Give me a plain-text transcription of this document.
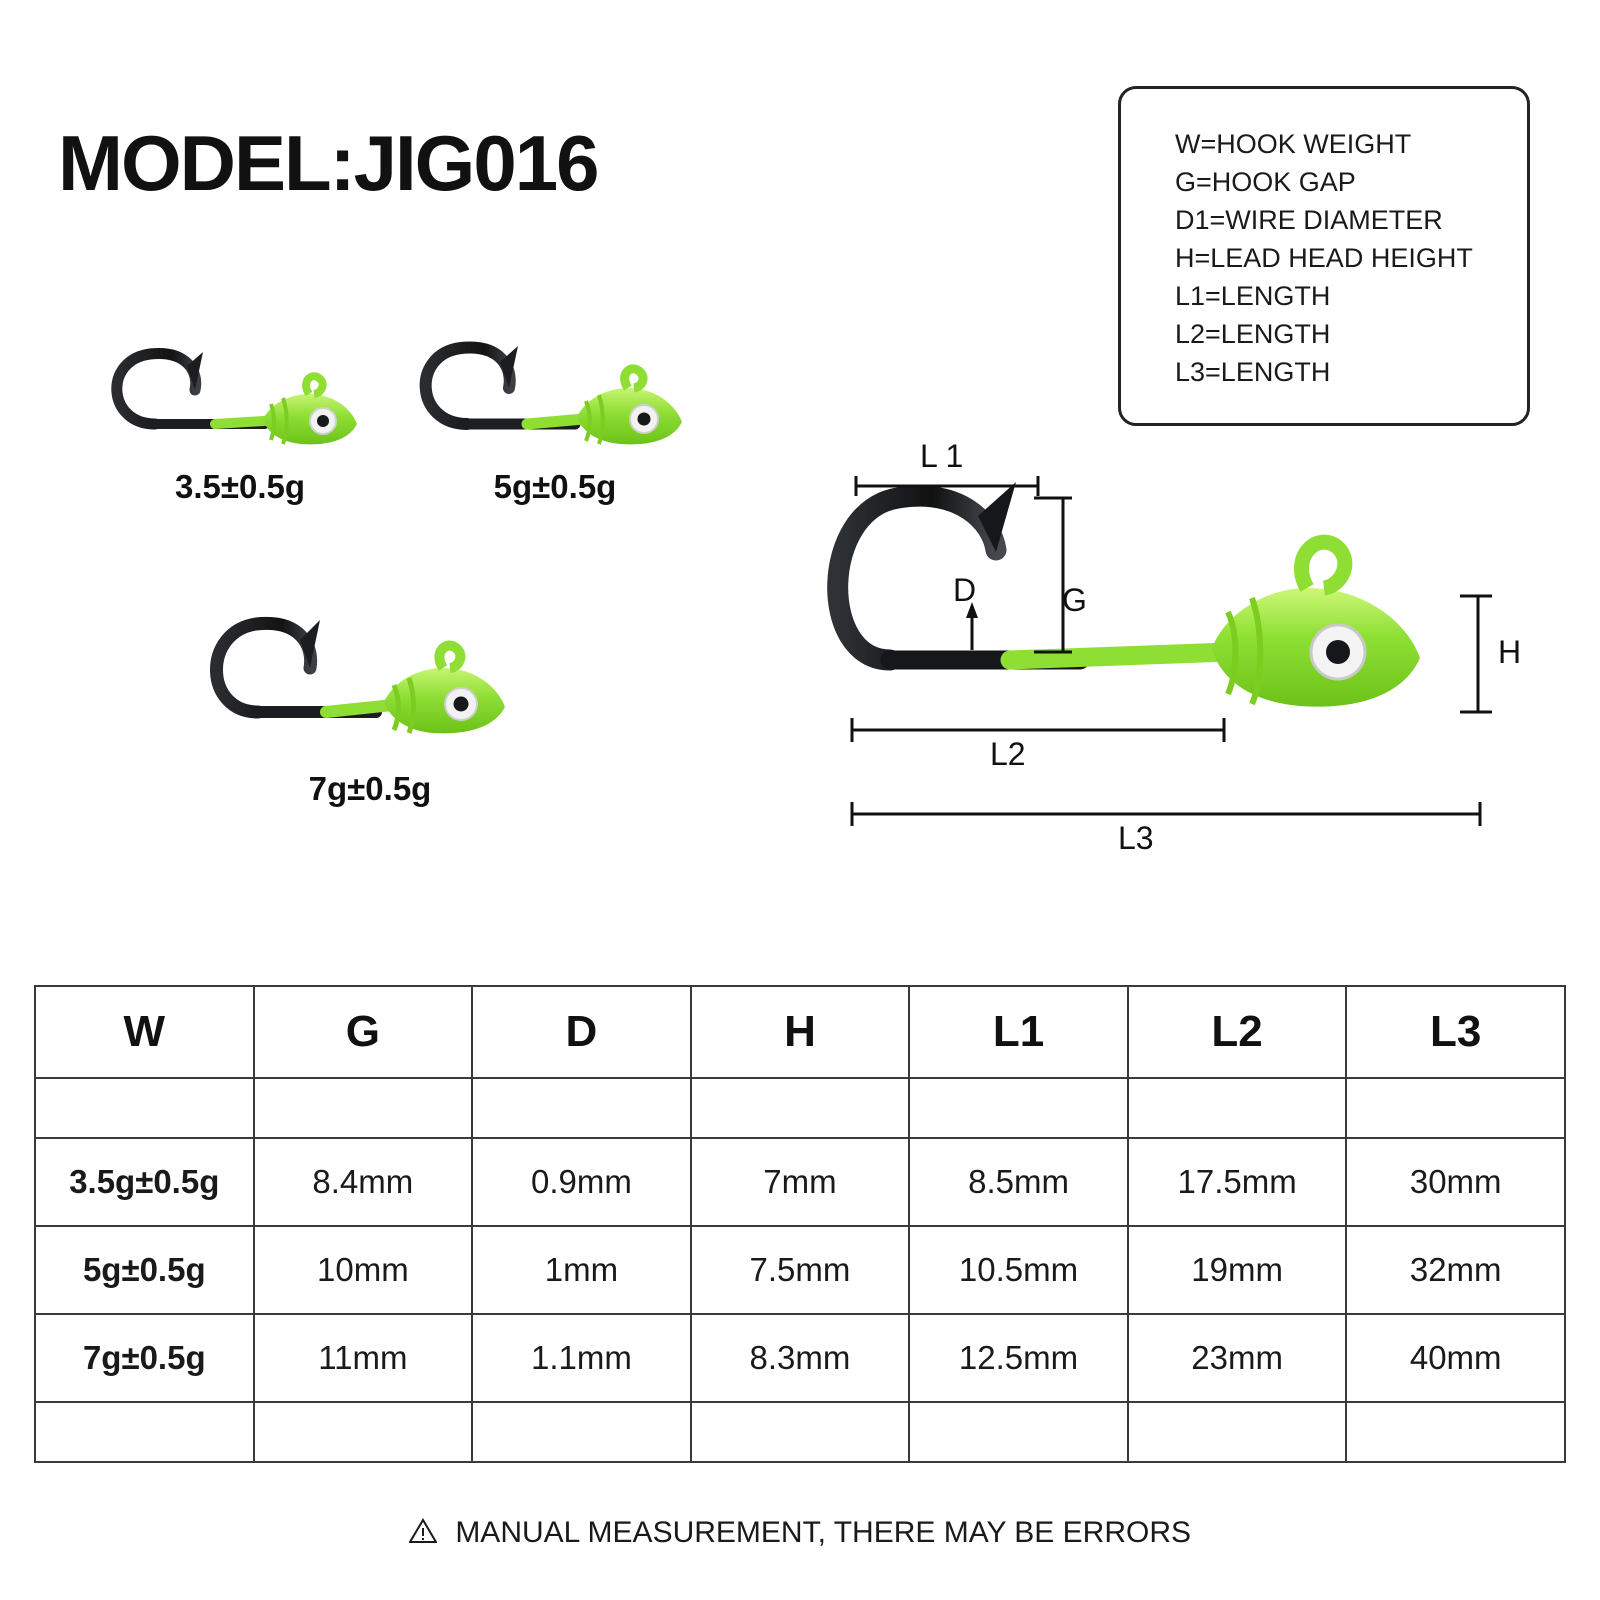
MODEL:JIG016	W=HOOK WEIGHT
G=HOOK GAP
D1=WIRE DIAMETER
H=LEAD HEAD HEIGHT
L1=LENGTH
L2=LENGTH
L3=LENGTH
3.5±0.5g	5g±0.5g
7g±0.5g
L 1
G
D
L2
L3
H
W	G	D	H	L1	L2	L3

3.5g±0.5g	8.4mm	0.9mm	7mm	8.5mm	17.5mm	30mm
5g±0.5g	10mm	1mm	7.5mm	10.5mm	19mm	32mm
7g±0.5g	11mm	1.1mm	8.3mm	12.5mm	23mm	40mm

MANUAL MEASUREMENT, THERE MAY BE ERRORS
